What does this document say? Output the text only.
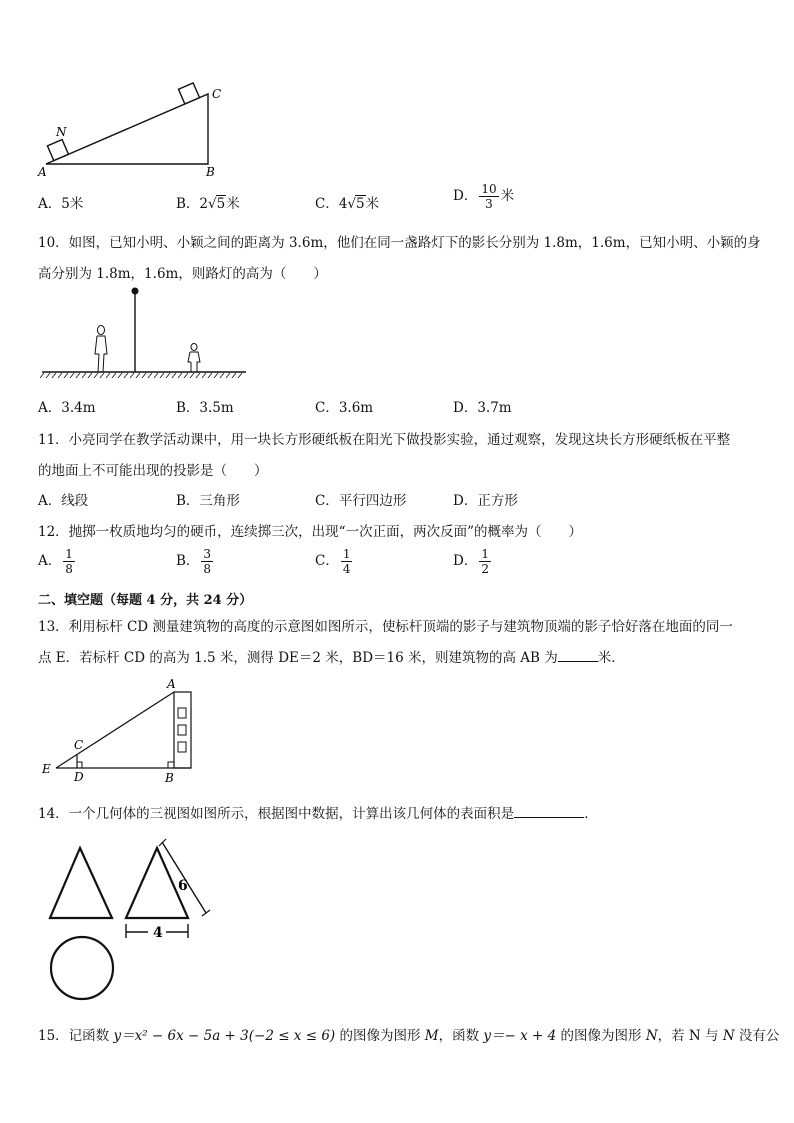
N
C
A	B
A．5米	B．2√5米	C．4√5米	D． $\frac{10}{3}$ 米
10．如图，已知小明、小颖之间的距离为 3.6m，他们在同一盏路灯下的影长分别为 1.8m，1.6m，已知小明、小颖的身
高分别为 1.8m，1.6m，则路灯的高为（　　）
A．3.4m	B．3.5m	C．3.6m	D．3.7m
11．小亮同学在教学活动课中，用一块长方形硬纸板在阳光下做投影实验，通过观察，发现这块长方形硬纸板在平整
的地面上不可能出现的投影是（　　）
A．线段	B．三角形	C．平行四边形	D．正方形
12．抛掷一枚质地均匀的硬币，连续掷三次，出现“一次正面，两次反面”的概率为（　　）
A． $\frac{1}{8}$	B． $\frac{3}{8}$	C． $\frac{1}{4}$	D． $\frac{1}{2}$
二、填空题（每题 4 分，共 24 分）
13．利用标杆 CD 测量建筑物的高度的示意图如图所示，使标杆顶端的影子与建筑物顶端的影子恰好落在地面的同一
点 E．若标杆 CD 的高为 1.5 米，测得 DE＝2 米，BD＝16 米，则建筑物的高 AB 为	米．
A
C
E
D	B
14．一个几何体的三视图如图所示，根据图中数据，计算出该几何体的表面积是	．
6
4
15．记函数 y＝x² − 6x − 5a + 3(−2 ≤ x ≤ 6) 的图像为图形 M，函数 y＝− x + 4 的图像为图形 N，若 N 与 N 没有公
